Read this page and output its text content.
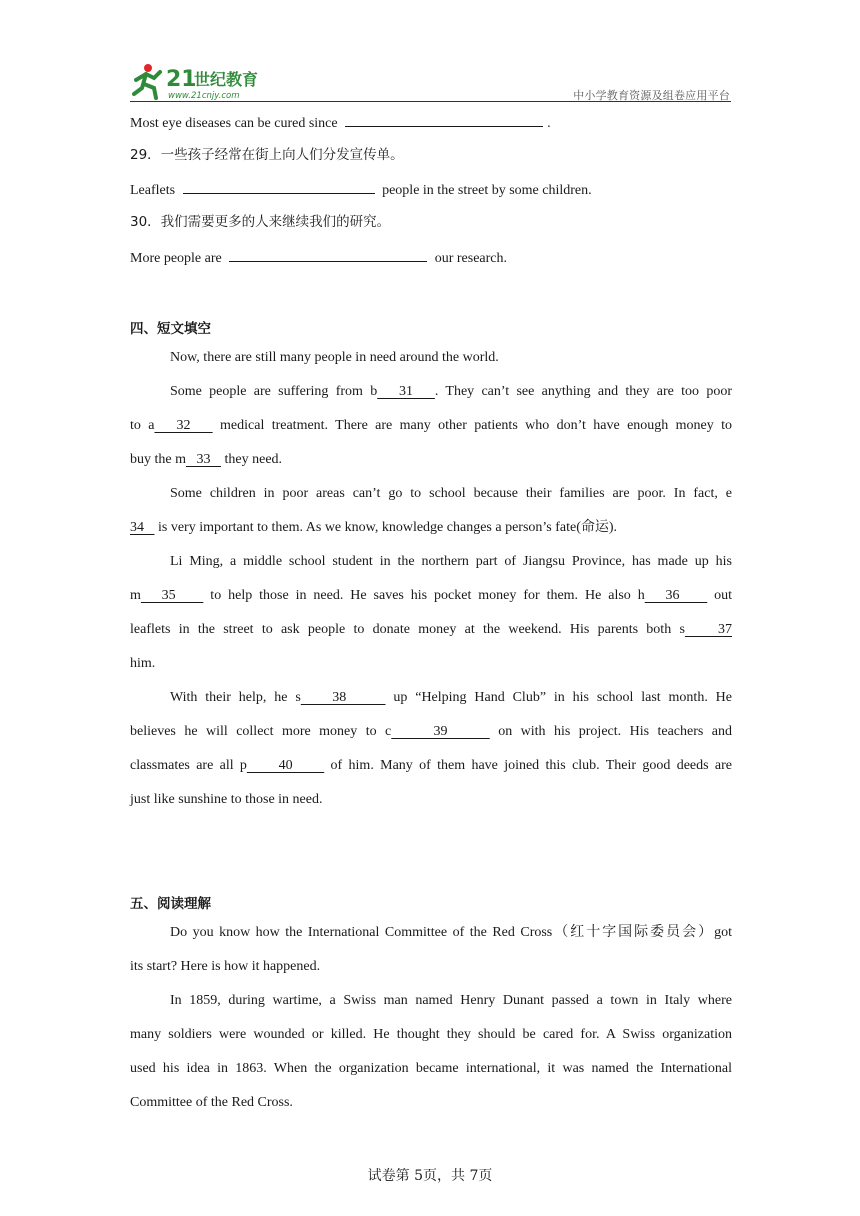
21
世纪教育
www.21cnjy.com	中小学教育资源及组卷应用平台
Most eye diseases can be cured since	.
29．一些孩子经常在街上向人们分发宣传单。
Leaflets	people in the street by some children.
30．我们需要更多的人来继续我们的研究。
More people are	our research.
四、短文填空
Now, there are still many people in need around the world.
Some people are suffering from b   31   . They can’t see anything and they are too poor
to a   32    medical treatment. There are many other patients who don’t have enough money to
buy the m   33    they need.
Some children in poor areas can’t go to school because their families are poor. In fact, e
34    is very important to them. As we know, knowledge changes a person’s fate(命运).
Li Ming, a middle school student in the northern part of Jiangsu Province, has made up his
m   35     to help those in need. He saves his pocket money for them. He also h   36     out
leaflets in the street to ask people to donate money at the weekend. His parents both s    37
him.
With their help, he s    38      up “Helping Hand Club” in his school last month. He
believes he will collect more money to c     39      on with his project. His teachers and
classmates are all p     40      of him. Many of them have joined this club. Their good deeds are
just like sunshine to those in need.
五、阅读理解
Do you know how the International Committee of the Red Cross（红十字国际委员会）got
its start? Here is how it happened.
In 1859, during wartime, a Swiss man named Henry Dunant passed a town in Italy where
many soldiers were wounded or killed. He thought they should be cared for. A Swiss organization
used his idea in 1863. When the organization became international, it was named the International
Committee of the Red Cross.
试卷第 5页，共 7页
